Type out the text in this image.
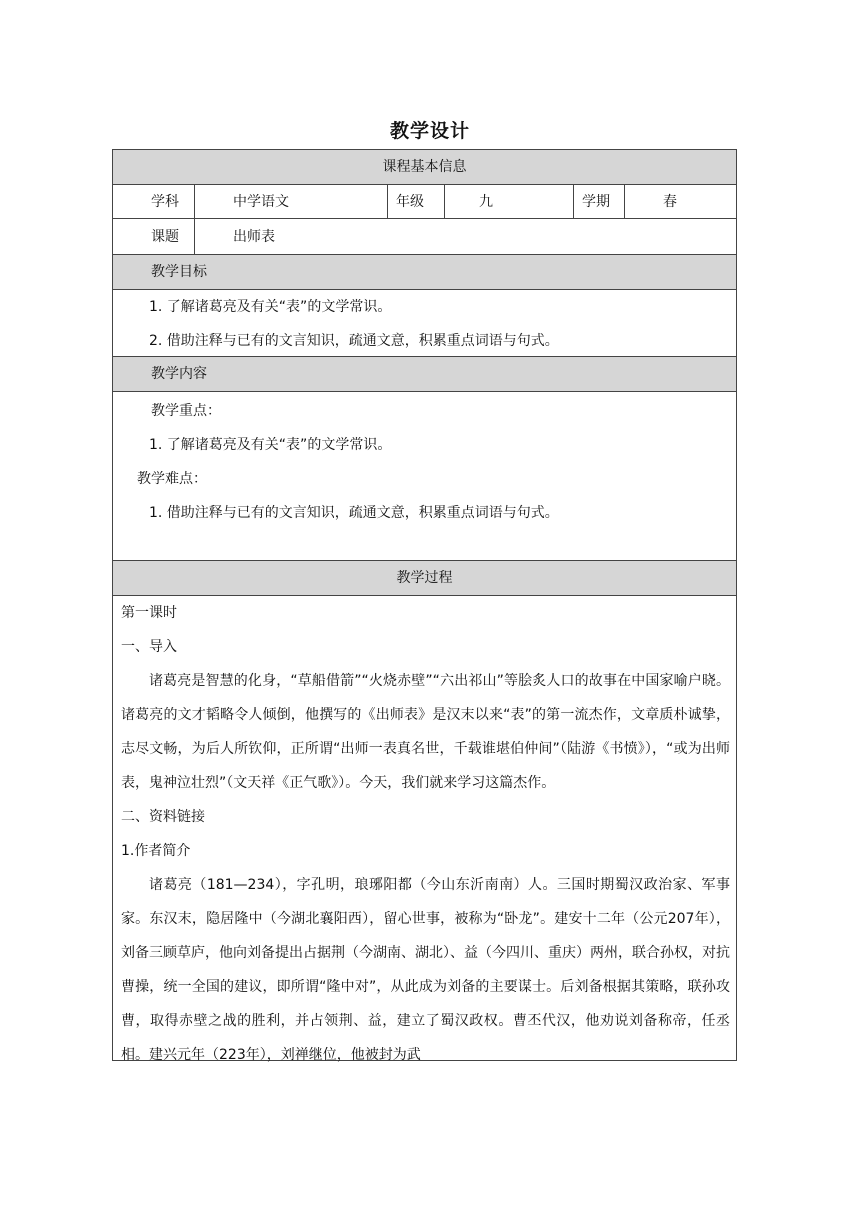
教学设计
课程基本信息
学科	中学语文	年级	九	学期	春
课题	出师表
教学目标

1. 了解诸葛亮及有关“表”的文学常识。

2. 借助注释与已有的文言知识，疏通文意，积累重点词语与句式。

教学内容

教学重点：

1. 了解诸葛亮及有关“表”的文学常识。

教学难点：

1. 借助注释与已有的文言知识，疏通文意，积累重点词语与句式。

教学过程

第一课时

一、导入

诸葛亮是智慧的化身，“草船借箭”“火烧赤壁”“六出祁山”等脍炙人口的故事在中国家喻户晓。诸葛亮的文才韬略令人倾倒，他撰写的《出师表》是汉末以来“表”的第一流杰作，文章质朴诚挚，志尽文畅，为后人所钦仰，正所谓“出师一表真名世，千载谁堪伯仲间”（陆游《书愤》），“或为出师表，鬼神泣壮烈”（文天祥《正气歌》）。今天，我们就来学习这篇杰作。

二、资料链接

1.作者简介

诸葛亮（181—234），字孔明，琅琊阳都（今山东沂南南）人。三国时期蜀汉政治家、军事家。东汉末，隐居隆中（今湖北襄阳西），留心世事，被称为“卧龙”。建安十二年（公元207年），刘备三顾草庐，他向刘备提出占据荆（今湖南、湖北）、益（今四川、重庆）两州，联合孙权，对抗曹操，统一全国的建议，即所谓“隆中对”，从此成为刘备的主要谋士。后刘备根据其策略，联孙攻曹，取得赤壁之战的胜利，并占领荆、益，建立了蜀汉政权。曹丕代汉，他劝说刘备称帝，任丞相。建兴元年（223年），刘禅继位，他被封为武
